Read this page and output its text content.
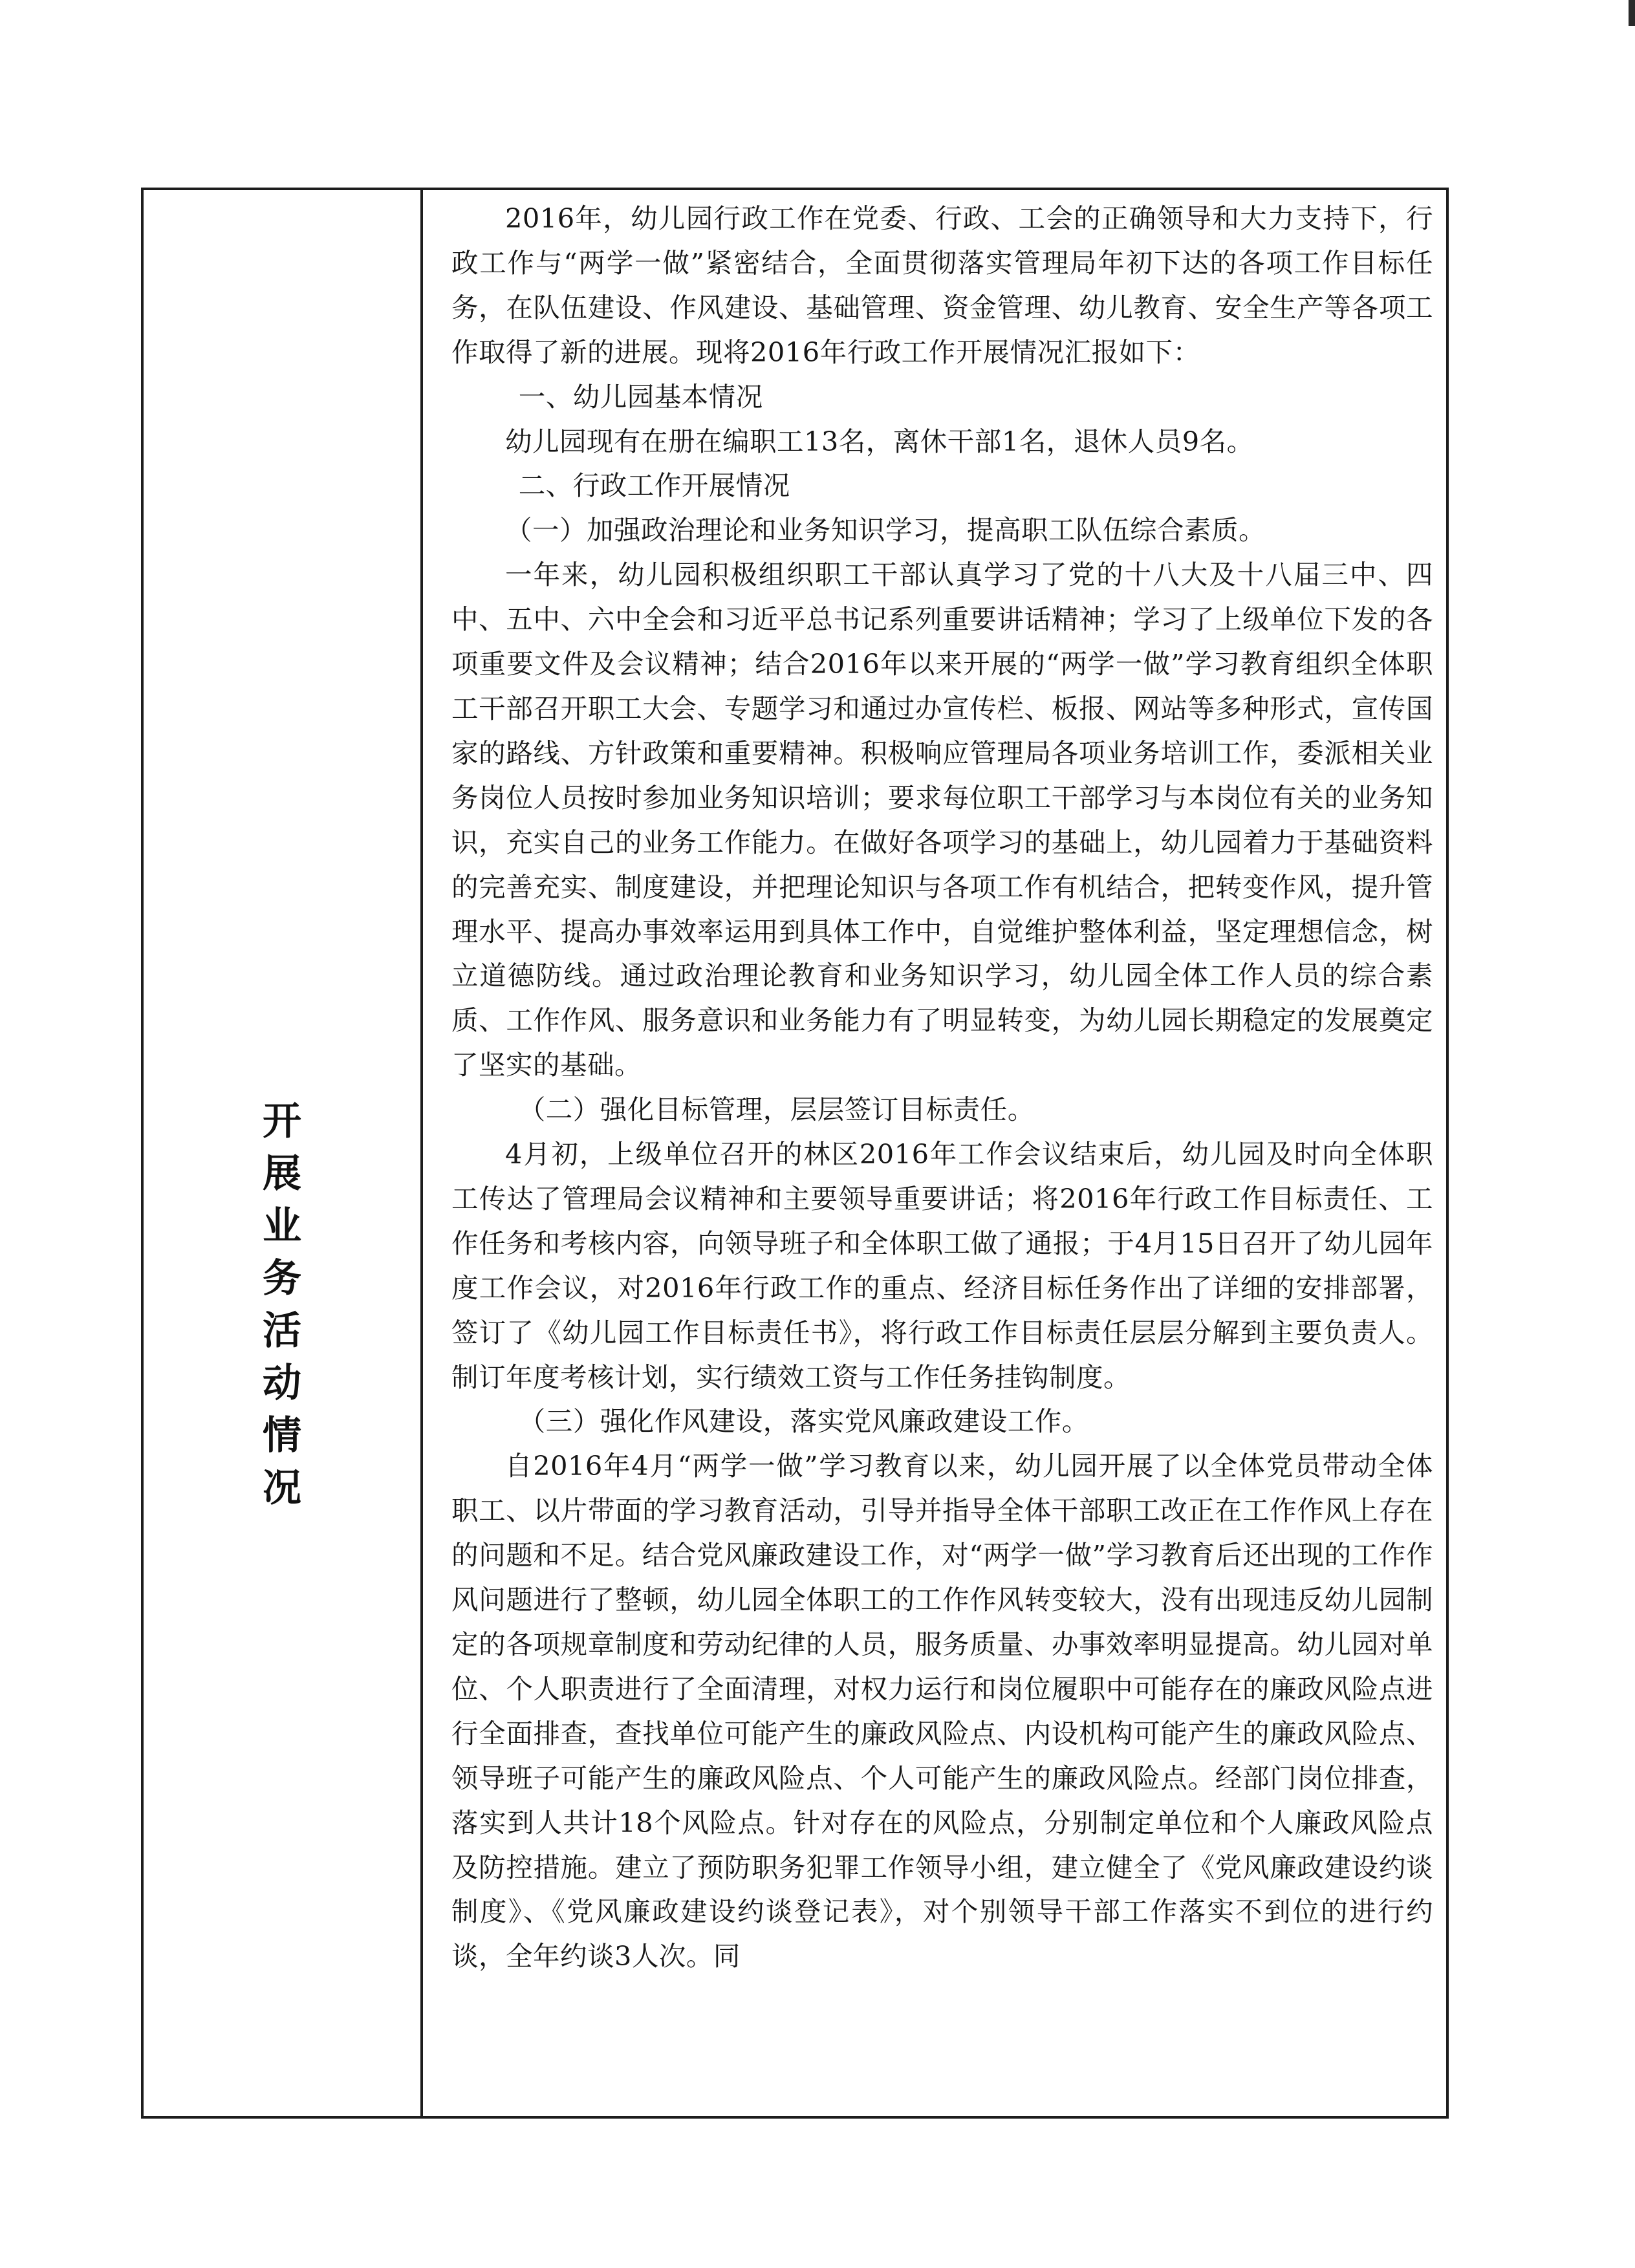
开
展
业
务
活
动
情
况

2016年，幼儿园行政工作在党委、行政、工会的正确领导和大力支持下，行政工作与“两学一做”紧密结合，全面贯彻落实管理局年初下达的各项工作目标任务，在队伍建设、作风建设、基础管理、资金管理、幼儿教育、安全生产等各项工作取得了新的进展。现将2016年行政工作开展情况汇报如下：

一、幼儿园基本情况

幼儿园现有在册在编职工13名，离休干部1名，退休人员9名。

二、行政工作开展情况

（一）加强政治理论和业务知识学习，提高职工队伍综合素质。

一年来，幼儿园积极组织职工干部认真学习了党的十八大及十八届三中、四中、五中、六中全会和习近平总书记系列重要讲话精神；学习了上级单位下发的各项重要文件及会议精神；结合2016年以来开展的“两学一做”学习教育组织全体职工干部召开职工大会、专题学习和通过办宣传栏、板报、网站等多种形式，宣传国家的路线、方针政策和重要精神。积极响应管理局各项业务培训工作，委派相关业务岗位人员按时参加业务知识培训；要求每位职工干部学习与本岗位有关的业务知识，充实自己的业务工作能力。在做好各项学习的基础上，幼儿园着力于基础资料的完善充实、制度建设，并把理论知识与各项工作有机结合，把转变作风，提升管理水平、提高办事效率运用到具体工作中，自觉维护整体利益，坚定理想信念，树立道德防线。通过政治理论教育和业务知识学习，幼儿园全体工作人员的综合素质、工作作风、服务意识和业务能力有了明显转变，为幼儿园长期稳定的发展奠定了坚实的基础。

（二）强化目标管理，层层签订目标责任。

4月初，上级单位召开的林区2016年工作会议结束后，幼儿园及时向全体职工传达了管理局会议精神和主要领导重要讲话；将2016年行政工作目标责任、工作任务和考核内容，向领导班子和全体职工做了通报；于4月15日召开了幼儿园年度工作会议，对2016年行政工作的重点、经济目标任务作出了详细的安排部署，签订了《幼儿园工作目标责任书》，将行政工作目标责任层层分解到主要负责人。制订年度考核计划，实行绩效工资与工作任务挂钩制度。

（三）强化作风建设，落实党风廉政建设工作。

自2016年4月“两学一做”学习教育以来，幼儿园开展了以全体党员带动全体职工、以片带面的学习教育活动，引导并指导全体干部职工改正在工作作风上存在的问题和不足。结合党风廉政建设工作，对“两学一做”学习教育后还出现的工作作风问题进行了整顿，幼儿园全体职工的工作作风转变较大，没有出现违反幼儿园制定的各项规章制度和劳动纪律的人员，服务质量、办事效率明显提高。幼儿园对单位、个人职责进行了全面清理，对权力运行和岗位履职中可能存在的廉政风险点进行全面排查，查找单位可能产生的廉政风险点、内设机构可能产生的廉政风险点、领导班子可能产生的廉政风险点、个人可能产生的廉政风险点。经部门岗位排查，落实到人共计18个风险点。针对存在的风险点，分别制定单位和个人廉政风险点及防控措施。建立了预防职务犯罪工作领导小组，建立健全了《党风廉政建设约谈制度》、《党风廉政建设约谈登记表》，对个别领导干部工作落实不到位的进行约谈，全年约谈3人次。同
